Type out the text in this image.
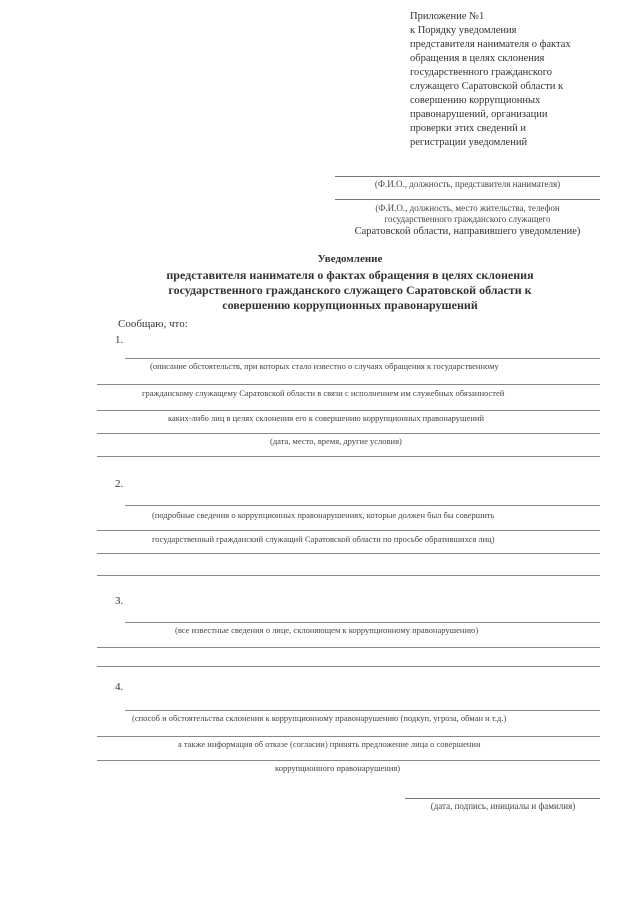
Приложение №1
к Порядку уведомления
представителя нанимателя о фактах
обращения в целях склонения
государственного гражданского
служащего Саратовской области к
совершению коррупционных
правонарушений, организации
проверки этих сведений и
регистрации уведомлений
(Ф.И.О., должность, представителя нанимателя)
(Ф.И.О., должность, место жительства, телефон
государственного гражданского служащего
Саратовской области, направившего уведомление)
Уведомление
представителя нанимателя о фактах обращения в целях склонения
государственного гражданского служащего Саратовской области к
совершению коррупционных правонарушений
Сообщаю, что:
1.
(описание обстоятельств, при которых стало известно о случаях обращения к государственному
гражданскому служащему Саратовской области в связи с исполнением им служебных обязанностей
каких-либо лиц в целях склонения его к совершению коррупционных правонарушений
(дата, место, время, другие условия)
2.
(подробные сведения о коррупционных правонарушениях, которые должен был бы совершить
государственный гражданский служащий Саратовской области по просьбе обратившихся лиц)
3.
(все известные сведения о лице, склоняющем к коррупционному правонарушению)
4.
(способ и обстоятельства склонения к коррупционному правонарушению (подкуп, угроза, обман и т.д.)
а также информация об отказе (согласии) принять предложение лица о совершении
коррупционного правонарушения)
(дата, подпись, инициалы и фамилия)
